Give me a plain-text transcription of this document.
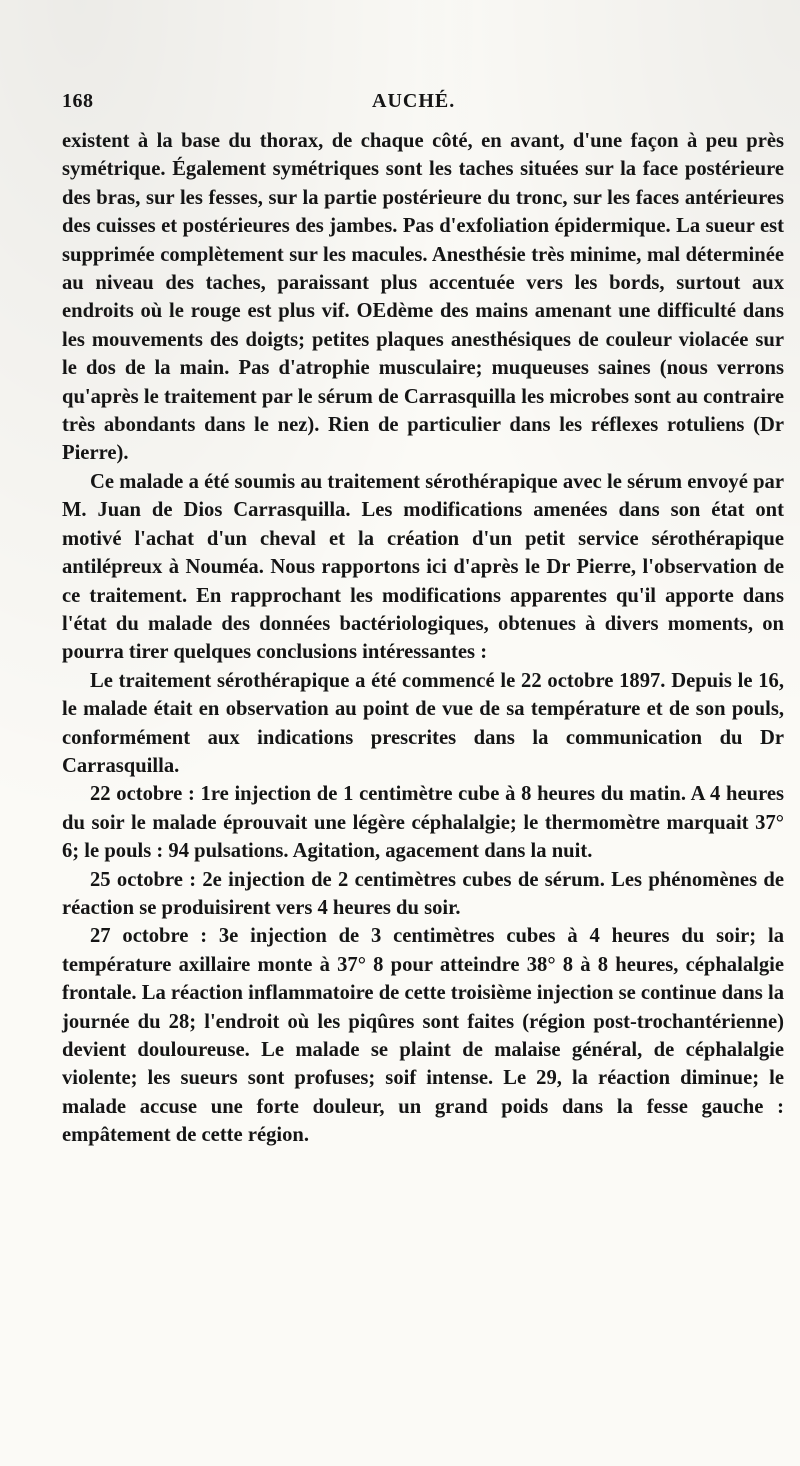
168	AUCHÉ.

existent à la base du thorax, de chaque côté, en avant, d'une façon à peu près symétrique. Également symétriques sont les taches situées sur la face postérieure des bras, sur les fesses, sur la partie postérieure du tronc, sur les faces antérieures des cuisses et postérieures des jambes. Pas d'exfoliation épidermique. La sueur est supprimée complètement sur les macules. Anesthésie très minime, mal déterminée au niveau des taches, paraissant plus accentuée vers les bords, surtout aux endroits où le rouge est plus vif. OEdème des mains amenant une difficulté dans les mouvements des doigts; petites plaques anesthésiques de couleur violacée sur le dos de la main. Pas d'atrophie musculaire; muqueuses saines (nous verrons qu'après le traitement par le sérum de Carrasquilla les microbes sont au contraire très abondants dans le nez). Rien de particulier dans les réflexes rotuliens (Dr Pierre).

Ce malade a été soumis au traitement sérothérapique avec le sérum envoyé par M. Juan de Dios Carrasquilla. Les modifications amenées dans son état ont motivé l'achat d'un cheval et la création d'un petit service sérothérapique antilépreux à Nouméa. Nous rapportons ici d'après le Dr Pierre, l'observation de ce traitement. En rapprochant les modifications apparentes qu'il apporte dans l'état du malade des données bactériologiques, obtenues à divers moments, on pourra tirer quelques conclusions intéressantes :

Le traitement sérothérapique a été commencé le 22 octobre 1897. Depuis le 16, le malade était en observation au point de vue de sa température et de son pouls, conformément aux indications prescrites dans la communication du Dr Carrasquilla.

22 octobre : 1re injection de 1 centimètre cube à 8 heures du matin. A 4 heures du soir le malade éprouvait une légère céphalalgie; le thermomètre marquait 37° 6; le pouls : 94 pulsations. Agitation, agacement dans la nuit.

25 octobre : 2e injection de 2 centimètres cubes de sérum. Les phénomènes de réaction se produisirent vers 4 heures du soir.

27 octobre : 3e injection de 3 centimètres cubes à 4 heures du soir; la température axillaire monte à 37° 8 pour atteindre 38° 8 à 8 heures, céphalalgie frontale. La réaction inflammatoire de cette troisième injection se continue dans la journée du 28; l'endroit où les piqûres sont faites (région post-trochantérienne) devient douloureuse. Le malade se plaint de malaise général, de céphalalgie violente; les sueurs sont profuses; soif intense. Le 29, la réaction diminue; le malade accuse une forte douleur, un grand poids dans la fesse gauche : empâtement de cette région.
